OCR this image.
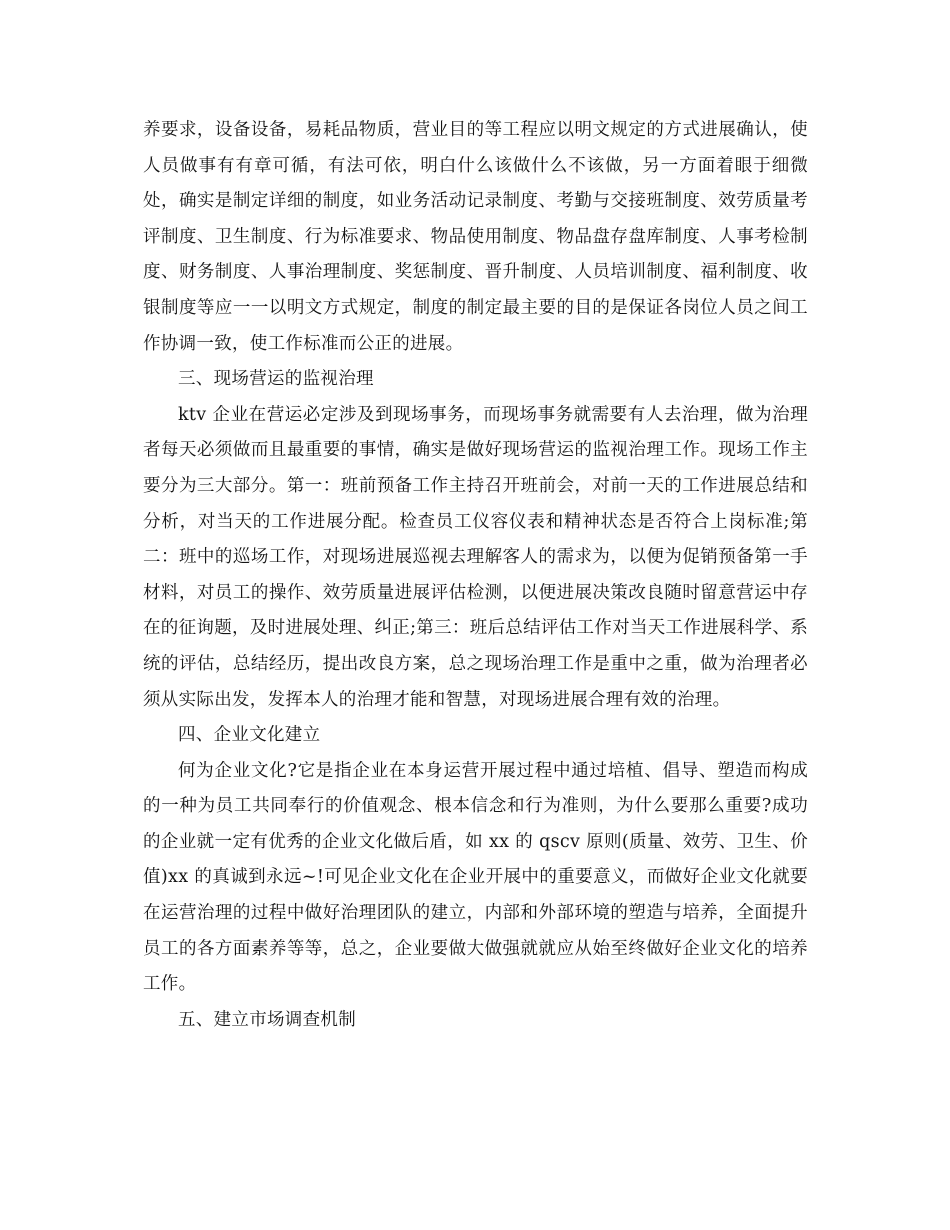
养要求，设备设备，易耗品物质，营业目的等工程应以明文规定的方式进展确认，使人员做事有有章可循，有法可依，明白什么该做什么不该做，另一方面着眼于细微处，确实是制定详细的制度，如业务活动记录制度、考勤与交接班制度、效劳质量考评制度、卫生制度、行为标准要求、物品使用制度、物品盘存盘库制度、人事考检制度、财务制度、人事治理制度、奖惩制度、晋升制度、人员培训制度、福利制度、收银制度等应一一以明文方式规定，制度的制定最主要的目的是保证各岗位人员之间工作协调一致，使工作标准而公正的进展。

三、现场营运的监视治理

ktv 企业在营运必定涉及到现场事务，而现场事务就需要有人去治理，做为治理者每天必须做而且最重要的事情，确实是做好现场营运的监视治理工作。现场工作主要分为三大部分。第一：班前预备工作主持召开班前会，对前一天的工作进展总结和分析，对当天的工作进展分配。检查员工仪容仪表和精神状态是否符合上岗标准;第二：班中的巡场工作，对现场进展巡视去理解客人的需求为，以便为促销预备第一手材料，对员工的操作、效劳质量进展评估检测，以便进展决策改良随时留意营运中存在的征询题，及时进展处理、纠正;第三：班后总结评估工作对当天工作进展科学、系统的评估，总结经历，提出改良方案，总之现场治理工作是重中之重，做为治理者必须从实际出发，发挥本人的治理才能和智慧，对现场进展合理有效的治理。

四、企业文化建立

何为企业文化?它是指企业在本身运营开展过程中通过培植、倡导、塑造而构成的一种为员工共同奉行的价值观念、根本信念和行为准则，为什么要那么重要?成功的企业就一定有优秀的企业文化做后盾，如 xx 的 qscv 原则(质量、效劳、卫生、价值)xx 的真诚到永远~!可见企业文化在企业开展中的重要意义，而做好企业文化就要在运营治理的过程中做好治理团队的建立，内部和外部环境的塑造与培养，全面提升员工的各方面素养等等，总之，企业要做大做强就就应从始至终做好企业文化的培养工作。

五、建立市场调查机制
